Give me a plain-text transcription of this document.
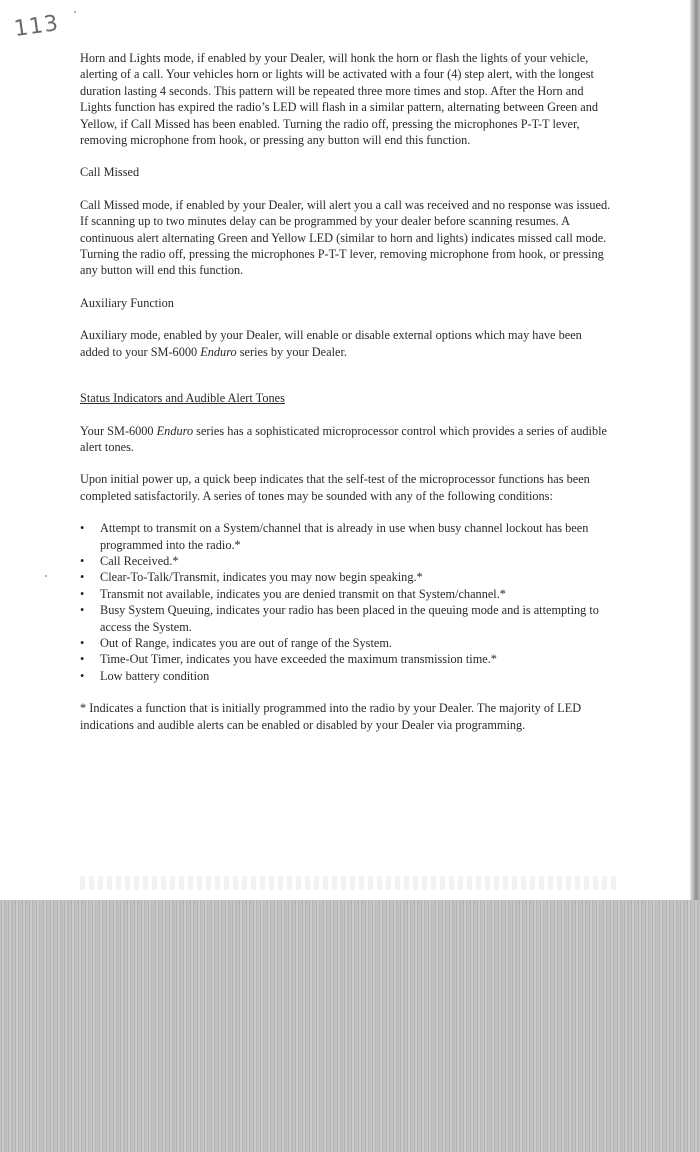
113

Horn and Lights mode, if enabled by your Dealer, will honk the horn or flash the lights of your vehicle, alerting of a call. Your vehicles horn or lights will be activated with a four (4) step alert, with the longest duration lasting 4 seconds. This pattern will be repeated three more times and stop. After the Horn and Lights function has expired the radio’s LED will flash in a similar pattern, alternating between Green and Yellow, if Call Missed has been enabled. Turning the radio off, pressing the microphones P-T-T lever, removing microphone from hook, or pressing any button will end this function.

Call Missed

Call Missed mode, if enabled by your Dealer, will alert you a call was received and no response was issued. If scanning up to two minutes delay can be programmed by your dealer before scanning resumes. A continuous alert alternating Green and Yellow LED (similar to horn and lights) indicates missed call mode. Turning the radio off, pressing the microphones P-T-T lever, removing microphone from hook, or pressing any button will end this function.

Auxiliary Function

Auxiliary mode, enabled by your Dealer, will enable or disable external options which may have been added to your SM-6000 Enduro series by your Dealer.

Status Indicators and Audible Alert Tones

Your SM-6000 Enduro series has a sophisticated microprocessor control which provides a series of audible alert tones.

Upon initial power up, a quick beep indicates that the self-test of the microprocessor functions has been completed satisfactorily. A series of tones may be sounded with any of the following conditions:

• Attempt to transmit on a System/channel that is already in use when busy channel lockout has been programmed into the radio.*
• Call Received.*
• Clear-To-Talk/Transmit, indicates you may now begin speaking.*
• Transmit not available, indicates you are denied transmit on that System/channel.*
• Busy System Queuing, indicates your radio has been placed in the queuing mode and is attempting to access the System.
• Out of Range, indicates you are out of range of the System.
• Time-Out Timer, indicates you have exceeded the maximum transmission time.*
• Low battery condition

* Indicates a function that is initially programmed into the radio by your Dealer. The majority of LED indications and audible alerts can be enabled or disabled by your Dealer via programming.
